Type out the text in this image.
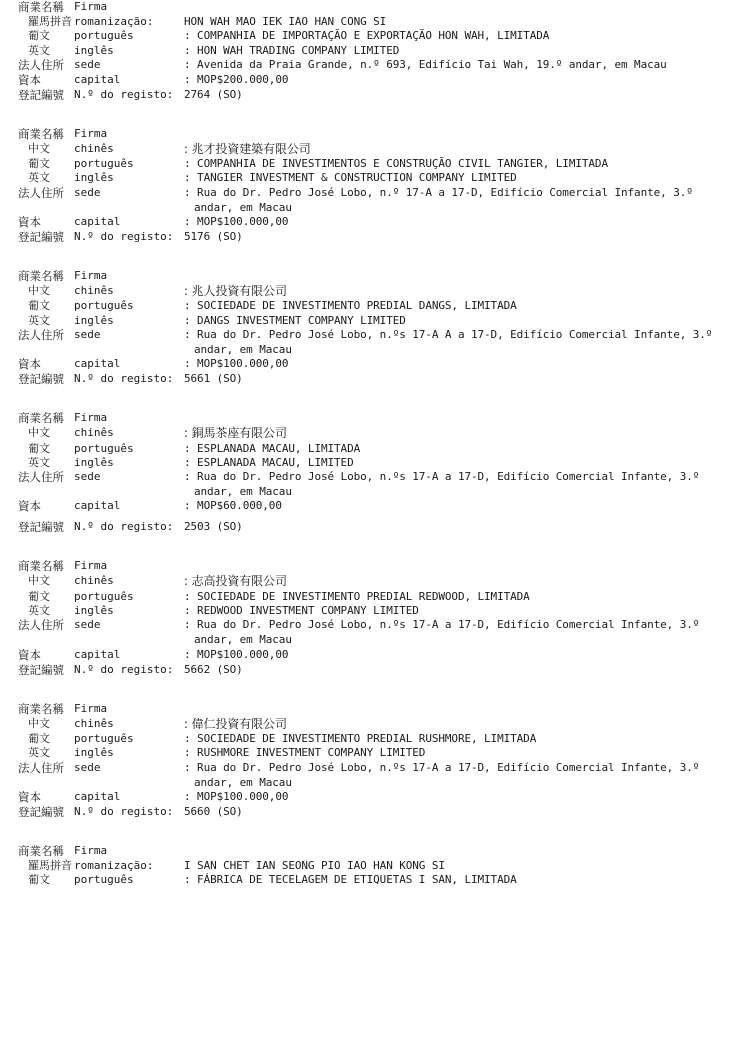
商業名稱 Firma
羅馬拼音 romanização:	HON WAH MAO IEK IAO HAN CONG SI
葡文	português	: COMPANHIA DE IMPORTAÇÃO E EXPORTAÇÃO HON WAH, LIMITADA
英文	inglês	: HON WAH TRADING COMPANY LIMITED
法人住所 sede	: Avenida da Praia Grande, n.º 693, Edifício Tai Wah, 19.º andar, em Macau
資本	capital	: MOP$200.000,00
登記編號 N.º do registo: 2764 (SO)
商業名稱 Firma
中文	chinês	: 兆才投資建築有限公司
葡文	português	: COMPANHIA DE INVESTIMENTOS E CONSTRUÇÃO CIVIL TANGIER, LIMITADA
英文	inglês	: TANGIER INVESTMENT & CONSTRUCTION COMPANY LIMITED
法人住所 sede	: Rua do Dr. Pedro José Lobo, n.º 17-A a 17-D, Edifício Comercial Infante, 3.º
andar, em Macau
資本	capital	: MOP$100.000,00
登記編號 N.º do registo: 5176 (SO)
商業名稱 Firma
中文	chinês	: 兆人投資有限公司
葡文	português	: SOCIEDADE DE INVESTIMENTO PREDIAL DANGS, LIMITADA
英文	inglês	: DANGS INVESTMENT COMPANY LIMITED
法人住所 sede	: Rua do Dr. Pedro José Lobo, n.ºs 17-A A a 17-D, Edifício Comercial Infante, 3.º
andar, em Macau
資本	capital	: MOP$100.000,00
登記編號 N.º do registo: 5661 (SO)
商業名稱 Firma
中文	chinês	: 銅馬茶座有限公司
葡文	português	: ESPLANADA MACAU, LIMITADA
英文	inglês	: ESPLANADA MACAU, LIMITED
法人住所 sede	: Rua do Dr. Pedro José Lobo, n.ºs 17-A a 17-D, Edifício Comercial Infante, 3.º
andar, em Macau
資本	capital	: MOP$60.000,00
登記編號 N.º do registo: 2503 (SO)
商業名稱 Firma
中文	chinês	: 志高投資有限公司
葡文	português	: SOCIEDADE DE INVESTIMENTO PREDIAL REDWOOD, LIMITADA
英文	inglês	: REDWOOD INVESTMENT COMPANY LIMITED
法人住所 sede	: Rua do Dr. Pedro José Lobo, n.ºs 17-A a 17-D, Edifício Comercial Infante, 3.º
andar, em Macau
資本	capital	: MOP$100.000,00
登記編號 N.º do registo: 5662 (SO)
商業名稱 Firma
中文	chinês	: 偉仁投資有限公司
葡文	português	: SOCIEDADE DE INVESTIMENTO PREDIAL RUSHMORE, LIMITADA
英文	inglês	: RUSHMORE INVESTMENT COMPANY LIMITED
法人住所 sede	: Rua do Dr. Pedro José Lobo, n.ºs 17-A a 17-D, Edifício Comercial Infante, 3.º
andar, em Macau
資本	capital	: MOP$100.000,00
登記編號 N.º do registo: 5660 (SO)
商業名稱 Firma
羅馬拼音 romanização:	I SAN CHET IAN SEONG PIO IAO HAN KONG SI
葡文	português	: FÁBRICA DE TECELAGEM DE ETIQUETAS I SAN, LIMITADA
